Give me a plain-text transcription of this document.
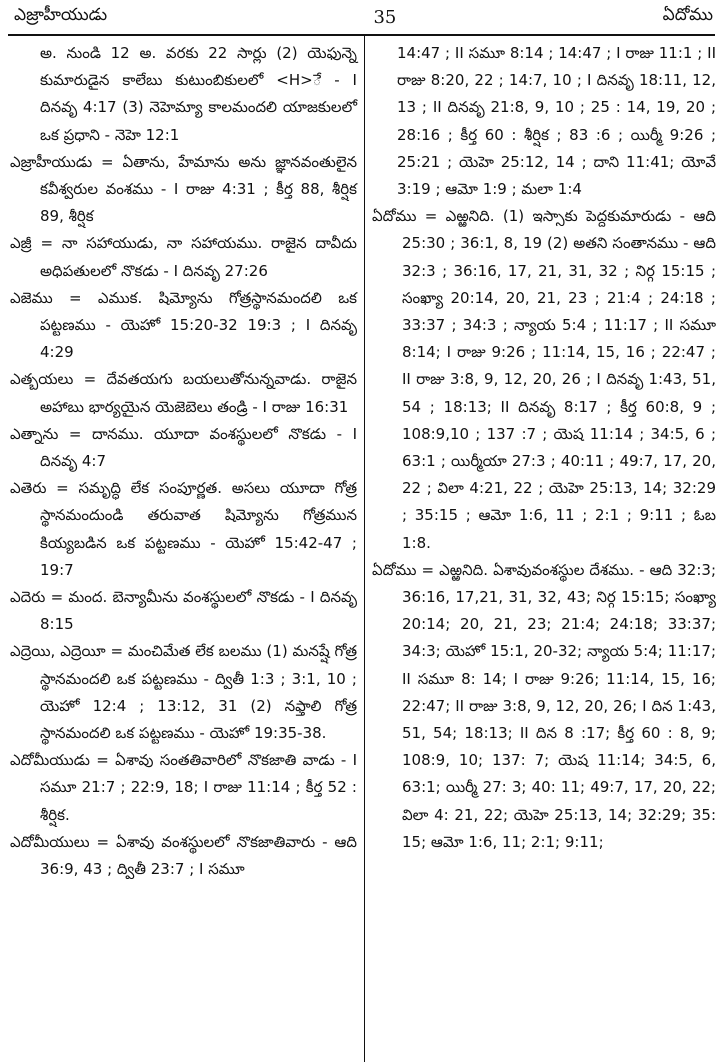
ఎజ్రాహీయుడు	35	ఏదోము

అ. నుండి 12 అ. వరకు 22 సార్లు (2) యెఫున్నె కుమారుడైన కాలేబు కుటుంబికులలో <H>ే - I దినవృ 4:17 (3) నెహెమ్యా కాలమందలి యాజకులలో ఒక ప్రధాని - నెహె 12:1

ఎజ్రాహీయుడు = ఏతాను, హేమాను అను జ్ఞానవంతులైన కవీశ్వరుల వంశము - I రాజు 4:31 ; కీర్త 88, శీర్షిక 89, శీర్షిక

ఎజ్రీ = నా సహాయుడు, నా సహాయము. రాజైన దావీదు అధిపతులలో నొకడు - I దినవృ 27:26

ఎజెము = ఎముక. షిమ్యోను గోత్రస్థానమందలి ఒక పట్టణము - యెహో 15:20-32 19:3 ; I దినవృ 4:29

ఎత్బయలు = దేవతయగు బయలుతోనున్నవాడు. రాజైన అహాబు భార్యయైన యెజెబెలు తండ్రి - I రాజు 16:31

ఎత్నాను = దానము. యూదా వంశస్థులలో నొకడు - I దినవృ 4:7

ఎతెరు = సమృద్ధి లేక సంపూర్ణత. అసలు యూదా గోత్ర స్థానమందుండి తరువాత షిమ్యోను గోత్రమున కియ్యబడిన ఒక పట్టణము - యెహో 15:42-47 ; 19:7

ఎదెరు = మంద. బెన్యామీను వంశస్థులలో నొకడు - I దినవృ 8:15

ఎద్రెయి, ఎద్రెయీ = మంచిమేత లేక బలము (1) మనష్షే గోత్ర స్థానమందలి ఒక పట్టణము - ద్వితీ 1:3 ; 3:1, 10 ; యెహో 12:4 ; 13:12, 31 (2) నఫ్తాలి గోత్ర స్థానమందలి ఒక పట్టణము - యెహో 19:35-38.

ఎదోమీయుడు = ఏశావు సంతతివారిలో నొకజాతి వాడు - I సమూ 21:7 ; 22:9, 18; I రాజు 11:14 ; కీర్త 52 : శీర్షిక.

ఎదోమీయులు = ఏశావు వంశస్థులలో నొకజాతివారు - ఆది 36:9, 43 ; ద్వితీ 23:7 ; I సమూ

14:47 ; II సమూ 8:14 ; 14:47 ; I రాజు 11:1 ; II రాజు 8:20, 22 ; 14:7, 10 ; I దినవృ 18:11, 12, 13 ; II దినవృ 21:8, 9, 10 ; 25 : 14, 19, 20 ; 28:16 ; కీర్త 60 : శీర్షిక ; 83 :6 ; యిర్మీ 9:26 ; 25:21 ; యెహె 25:12, 14 ; దాని 11:41; యోవే 3:19 ; ఆమో 1:9 ; మలా 1:4

ఏదోము = ఎఱ్ఱనిది. (1) ఇస్సాకు పెద్దకుమారుడు - ఆది 25:30 ; 36:1, 8, 19 (2) అతని సంతానము - ఆది 32:3 ; 36:16, 17, 21, 31, 32 ; నిర్గ 15:15 ; సంఖ్యా 20:14, 20, 21, 23 ; 21:4 ; 24:18 ; 33:37 ; 34:3 ; న్యాయ 5:4 ; 11:17 ; II సమూ 8:14; I రాజు 9:26 ; 11:14, 15, 16 ; 22:47 ; II రాజు 3:8, 9, 12, 20, 26 ; I దినవృ 1:43, 51, 54 ; 18:13; II దినవృ 8:17 ; కీర్త 60:8, 9 ; 108:9,10 ; 137 :7 ; యెష 11:14 ; 34:5, 6 ; 63:1 ; యిర్మీయా 27:3 ; 40:11 ; 49:7, 17, 20, 22 ; విలా 4:21, 22 ; యెహె 25:13, 14; 32:29 ; 35:15 ; ఆమో 1:6, 11 ; 2:1 ; 9:11 ; ఓబ 1:8.

ఏదోము = ఎఱ్ఱనిది. ఏశావువంశస్థుల దేశము. - ఆది 32:3; 36:16, 17,21, 31, 32, 43; నిర్గ 15:15; సంఖ్యా 20:14; 20, 21, 23; 21:4; 24:18; 33:37; 34:3; యెహో 15:1, 20-32; న్యాయ 5:4; 11:17; II సమూ 8: 14; I రాజు 9:26; 11:14, 15, 16; 22:47; II రాజు 3:8, 9, 12, 20, 26; I దిన 1:43, 51, 54; 18:13; II దిన 8 :17; కీర్త 60 : 8, 9; 108:9, 10; 137: 7; యెష 11:14; 34:5, 6, 63:1; యిర్మీ 27: 3; 40: 11; 49:7, 17, 20, 22; విలా 4: 21, 22; యెహె 25:13, 14; 32:29; 35: 15; ఆమో 1:6, 11; 2:1; 9:11;
